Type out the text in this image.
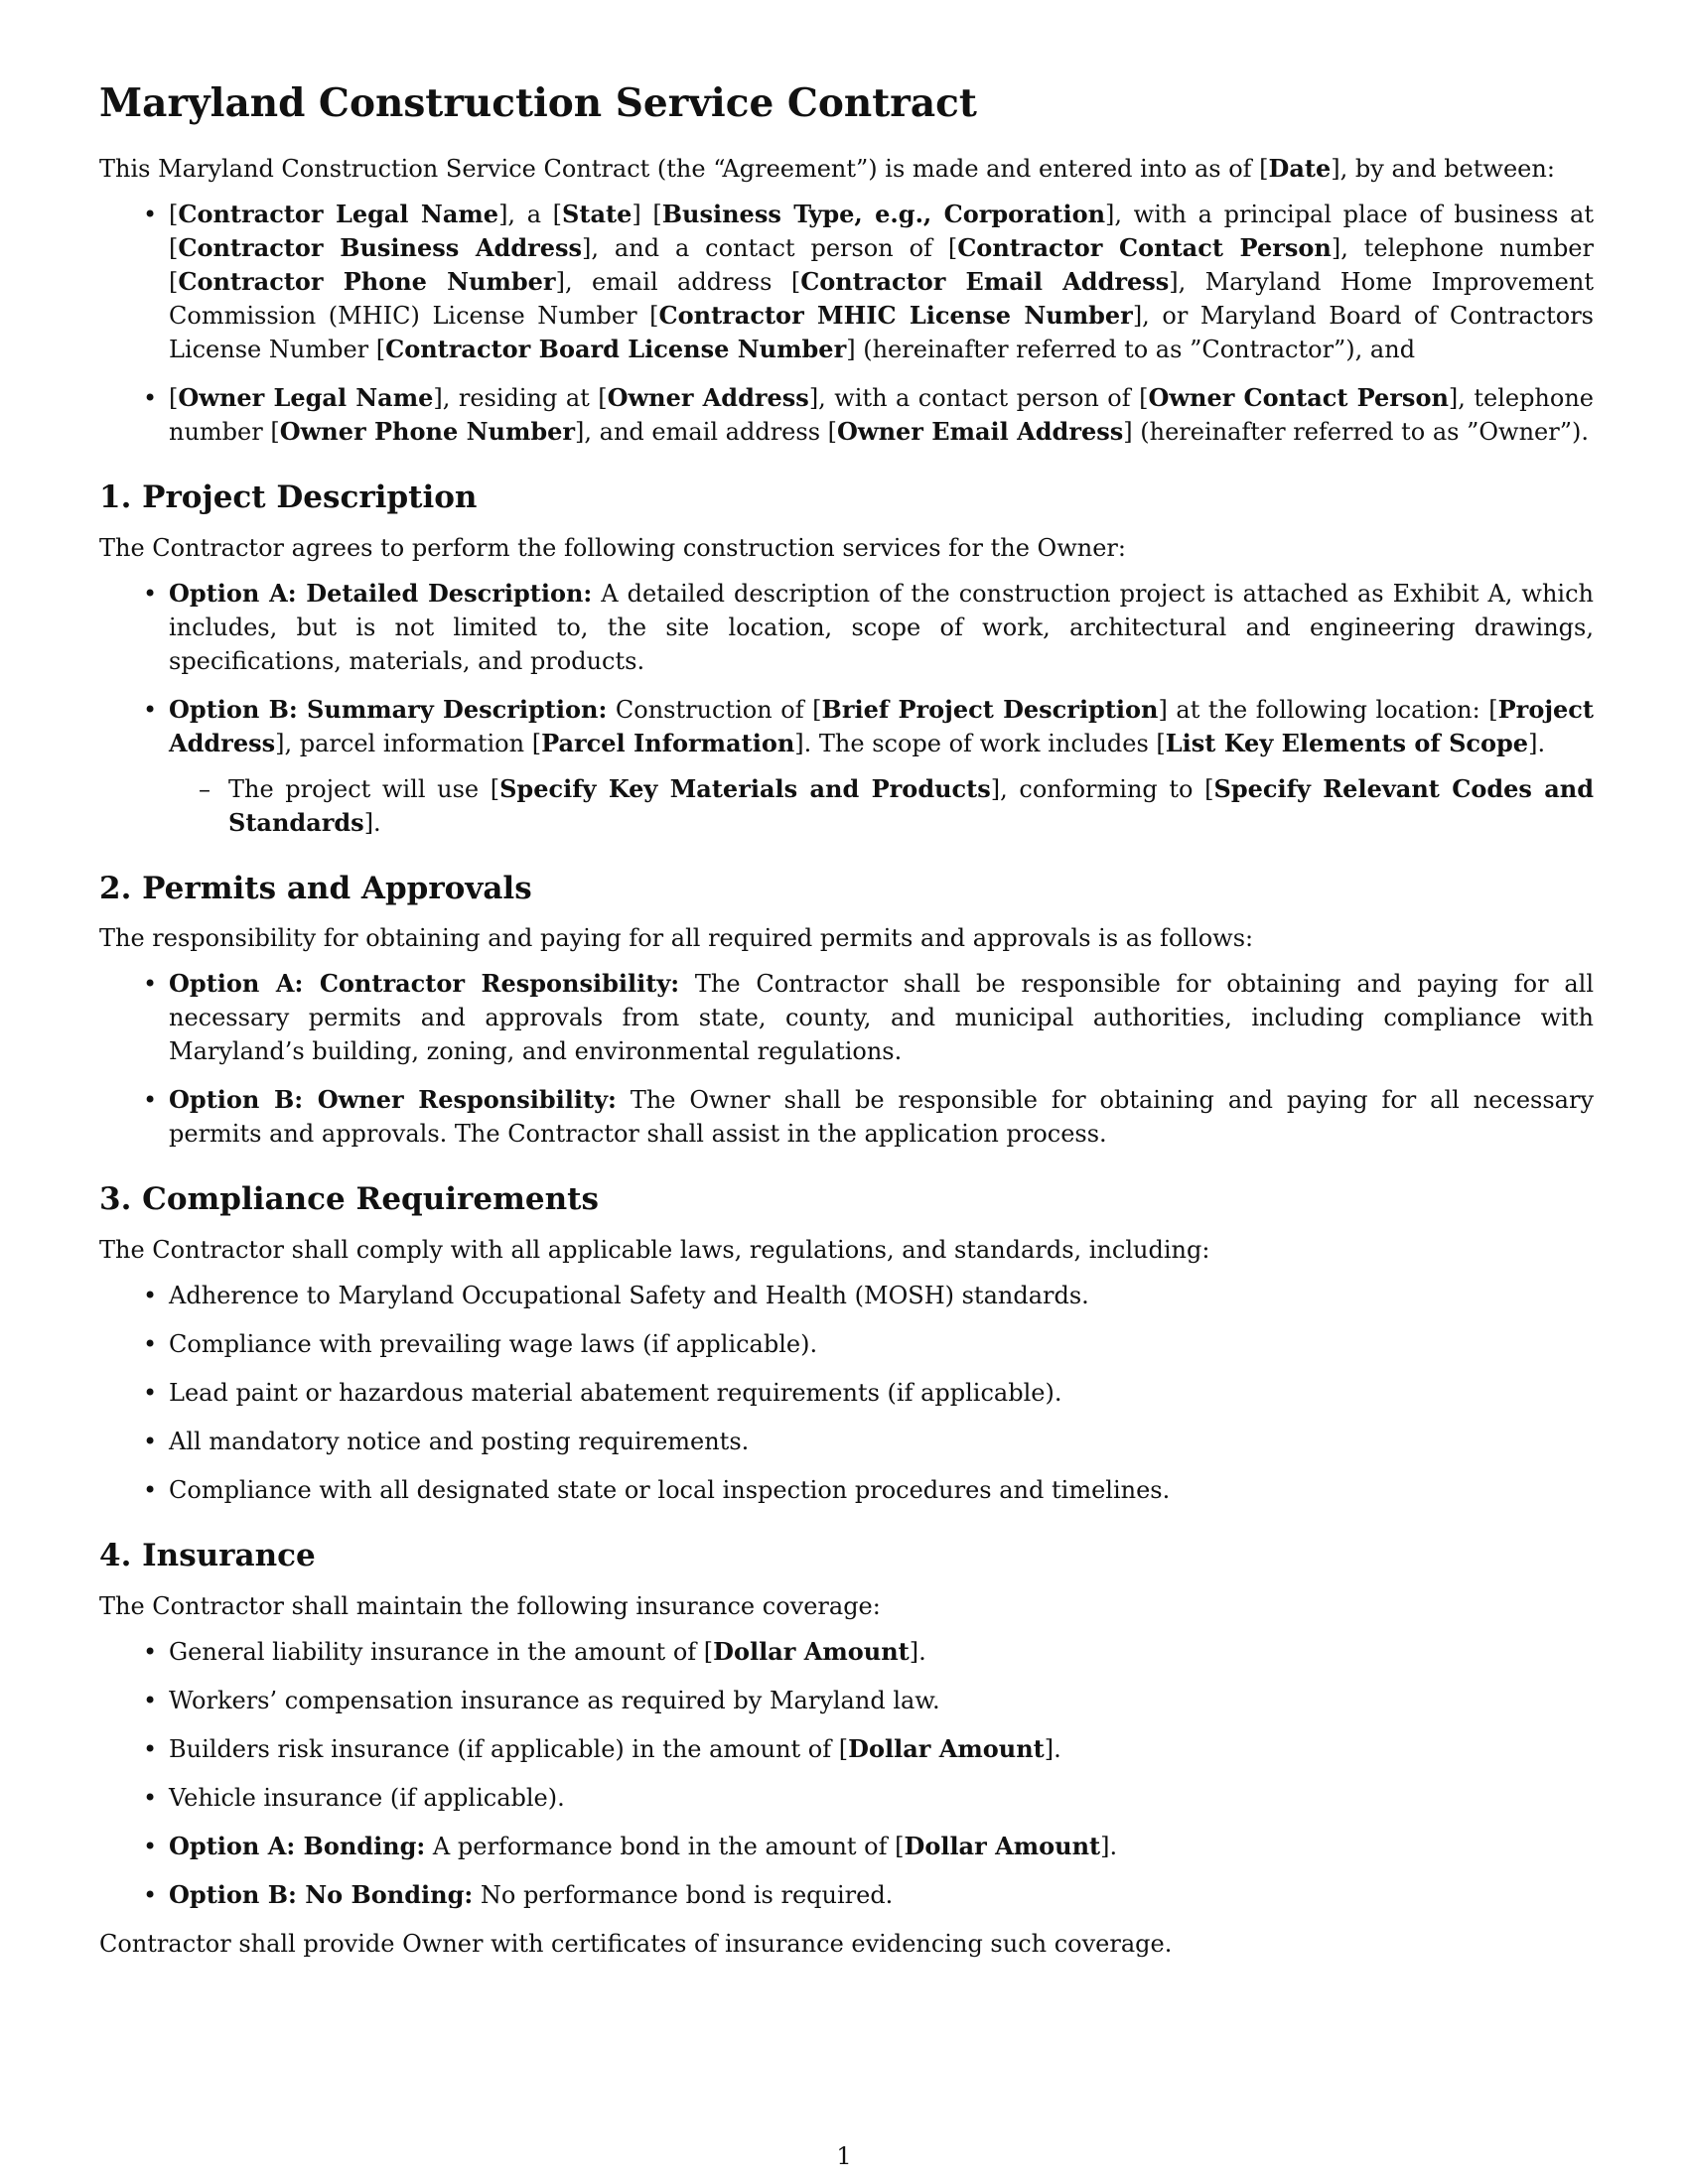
Maryland Construction Service Contract

This Maryland Construction Service Contract (the “Agreement”) is made and entered into as of [Date], by and between:

• [Contractor Legal Name], a [State] [Business Type, e.g., Corporation], with a principal place of business at [Contractor Business Address], and a contact person of [Contractor Contact Person], telephone number [Contractor Phone Number], email address [Contractor Email Address], Maryland Home Improvement Commission (MHIC) License Number [Contractor MHIC License Number], or Maryland Board of Contractors License Number [Contractor Board License Number] (hereinafter referred to as ”Contractor”), and
• [Owner Legal Name], residing at [Owner Address], with a contact person of [Owner Contact Person], telephone number [Owner Phone Number], and email address [Owner Email Address] (hereinafter referred to as ”Owner”).
1. Project Description

The Contractor agrees to perform the following construction services for the Owner:

• Option A: Detailed Description: A detailed description of the construction project is attached as Exhibit A, which includes, but is not limited to, the site location, scope of work, architectural and engineering drawings, specifications, materials, and products.
• Option B: Summary Description: Construction of [Brief Project Description] at the following location: [Project Address], parcel information [Parcel Information]. The scope of work includes [List Key Elements of Scope].
– The project will use [Specify Key Materials and Products], conforming to [Specify Relevant Codes and Standards].
2. Permits and Approvals

The responsibility for obtaining and paying for all required permits and approvals is as follows:

• Option A: Contractor Responsibility: The Contractor shall be responsible for obtaining and paying for all necessary permits and approvals from state, county, and municipal authorities, including compliance with Maryland’s building, zoning, and environmental regulations.
• Option B: Owner Responsibility: The Owner shall be responsible for obtaining and paying for all necessary permits and approvals. The Contractor shall assist in the application process.
3. Compliance Requirements

The Contractor shall comply with all applicable laws, regulations, and standards, including:

• Adherence to Maryland Occupational Safety and Health (MOSH) standards.
• Compliance with prevailing wage laws (if applicable).
• Lead paint or hazardous material abatement requirements (if applicable).
• All mandatory notice and posting requirements.
• Compliance with all designated state or local inspection procedures and timelines.
4. Insurance

The Contractor shall maintain the following insurance coverage:

• General liability insurance in the amount of [Dollar Amount].
• Workers’ compensation insurance as required by Maryland law.
• Builders risk insurance (if applicable) in the amount of [Dollar Amount].
• Vehicle insurance (if applicable).
• Option A: Bonding: A performance bond in the amount of [Dollar Amount].
• Option B: No Bonding: No performance bond is required.

Contractor shall provide Owner with certificates of insurance evidencing such coverage.

1
